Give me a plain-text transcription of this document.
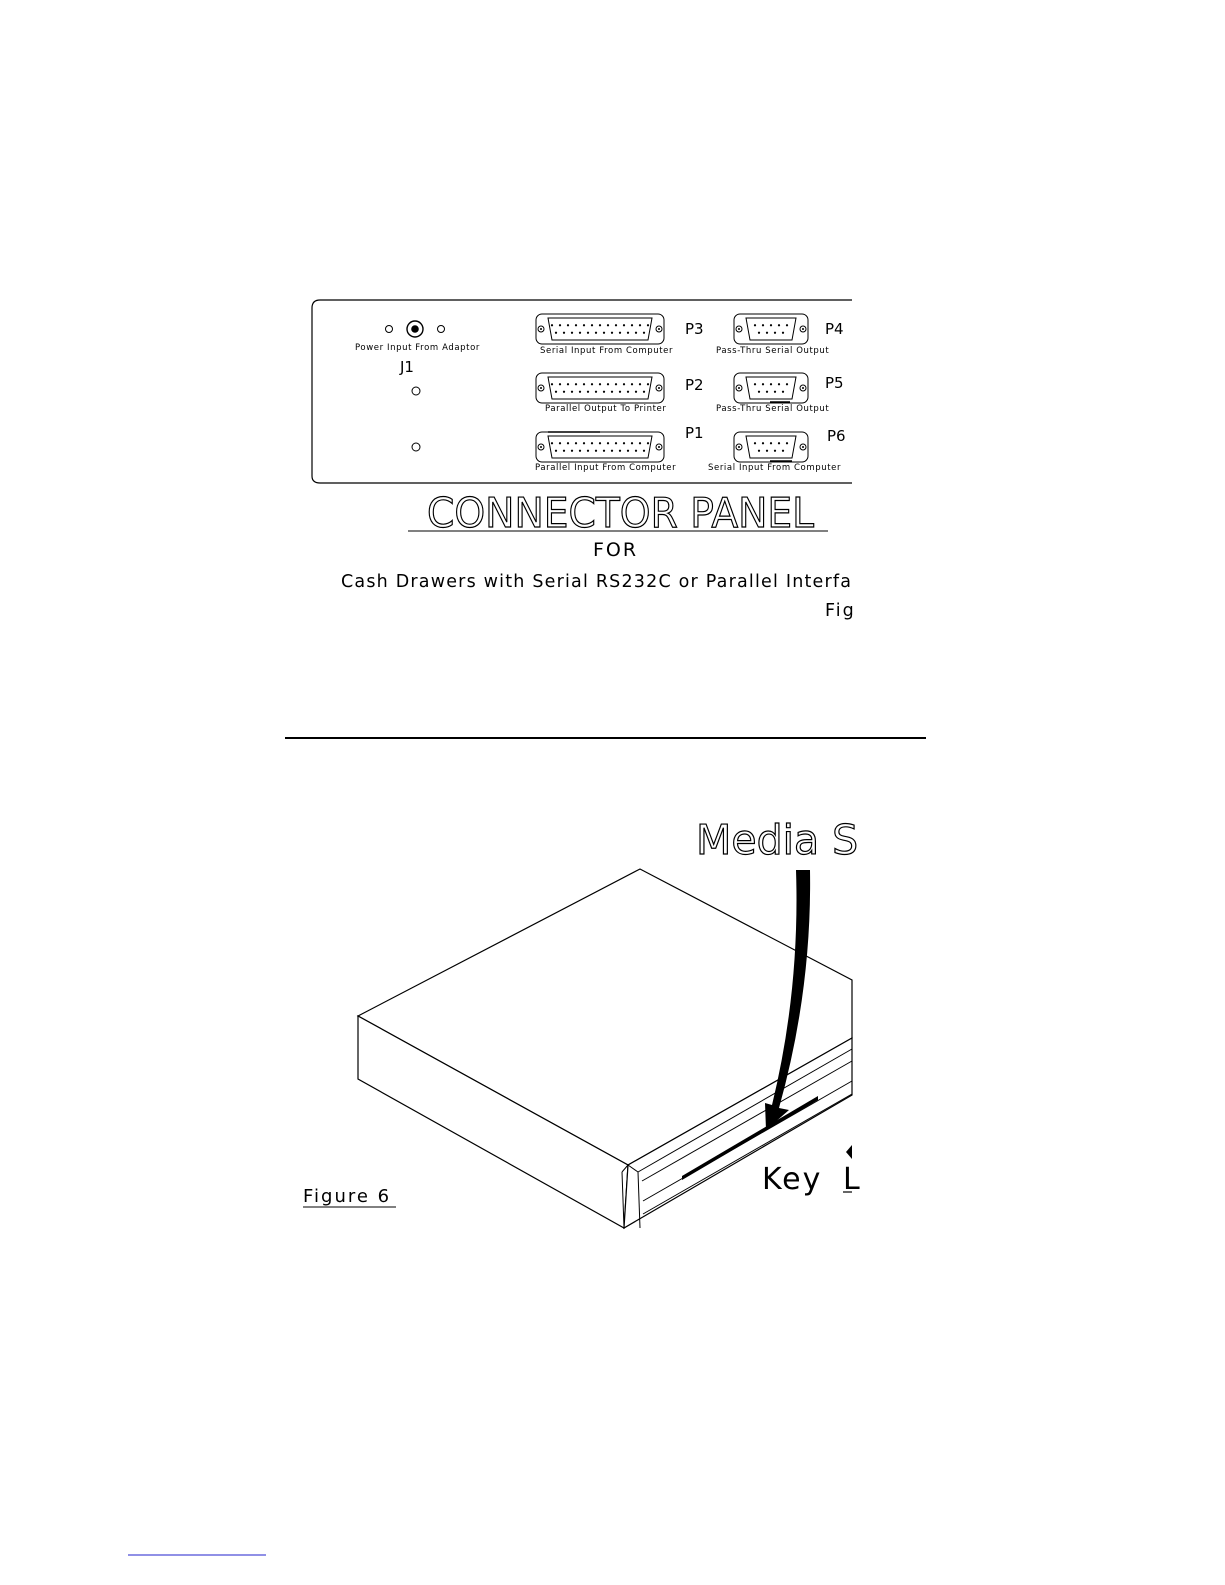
Power Input From Adaptor
J1
Serial Input From Computer
P3
Parallel Output To Printer
P2
Parallel Input From Computer
P1
Pass-Thru Serial Output
P4
Pass-Thru Serial Output
P5
Serial Input From Computer
P6
CONNECTOR PANEL
FOR
Cash Drawers with Serial RS232C or Parallel Interfa
Fig
Media S
Key L
Figure 6
